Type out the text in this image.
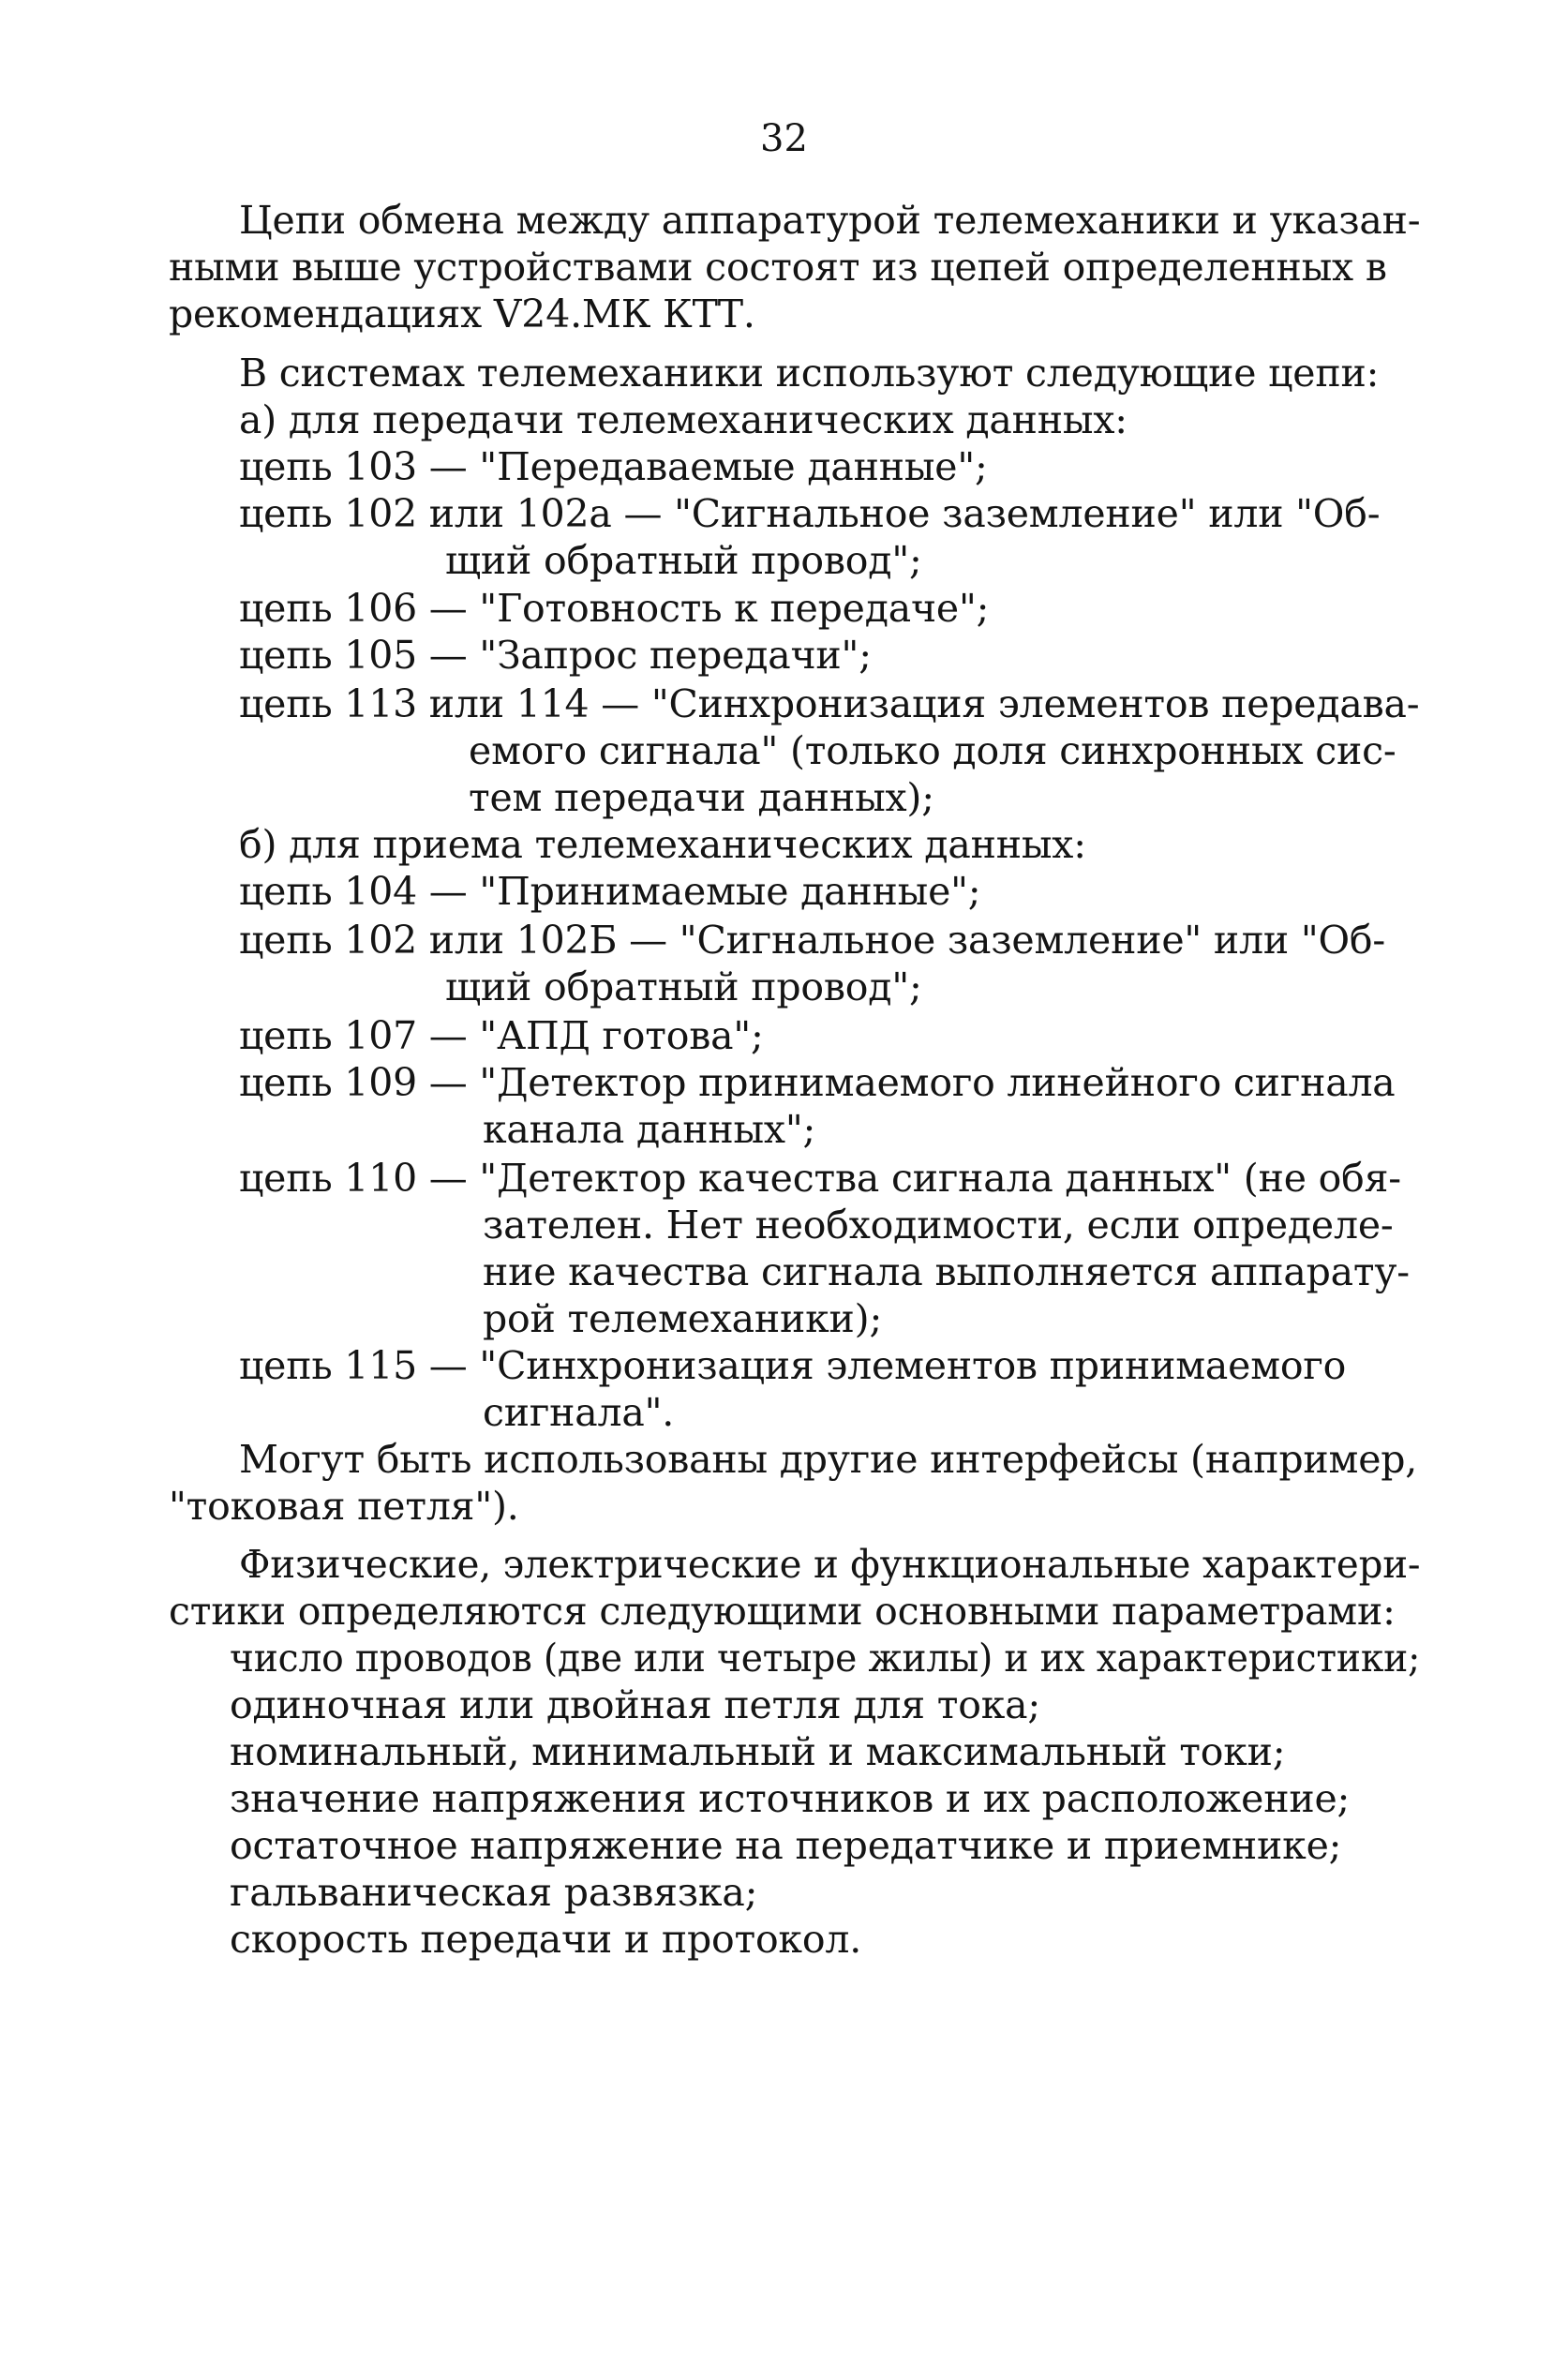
32
Цепи обмена между аппаратурой телемеханики и указан-
ными выше устройствами состоят из цепей определенных в
рекомендациях V24.МК КТТ.
В системах телемеханики используют следующие цепи:
а) для передачи телемеханических данных:
цепь 103 — "Передаваемые данные";
цепь 102 или 102а — "Сигнальное заземление" или "Об-
щий обратный провод";
цепь 106 — "Готовность к передаче";
цепь 105 — "Запрос передачи";
цепь 113 или 114 — "Синхронизация элементов передава-
емого сигнала" (только доля синхронных сис-
тем передачи данных);
б) для приема телемеханических данных:
цепь 104 — "Принимаемые данные";
цепь 102 или 102Б — "Сигнальное заземление" или "Об-
щий обратный провод";
цепь 107 — "АПД готова";
цепь 109 — "Детектор принимаемого линейного сигнала
канала данных";
цепь 110 — "Детектор качества сигнала данных" (не обя-
зателен. Нет необходимости, если определе-
ние качества сигнала выполняется аппарату-
рой телемеханики);
цепь 115 — "Синхронизация элементов принимаемого
сигнала".
Могут быть использованы другие интерфейсы (например,
"токовая петля").
Физические, электрические и функциональные характери-
стики определяются следующими основными параметрами:
число проводов (две или четыре жилы) и их характеристики;
одиночная или двойная петля для тока;
номинальный, минимальный и максимальный токи;
значение напряжения источников и их расположение;
остаточное напряжение на передатчике и приемнике;
гальваническая развязка;
скорость передачи и протокол.
